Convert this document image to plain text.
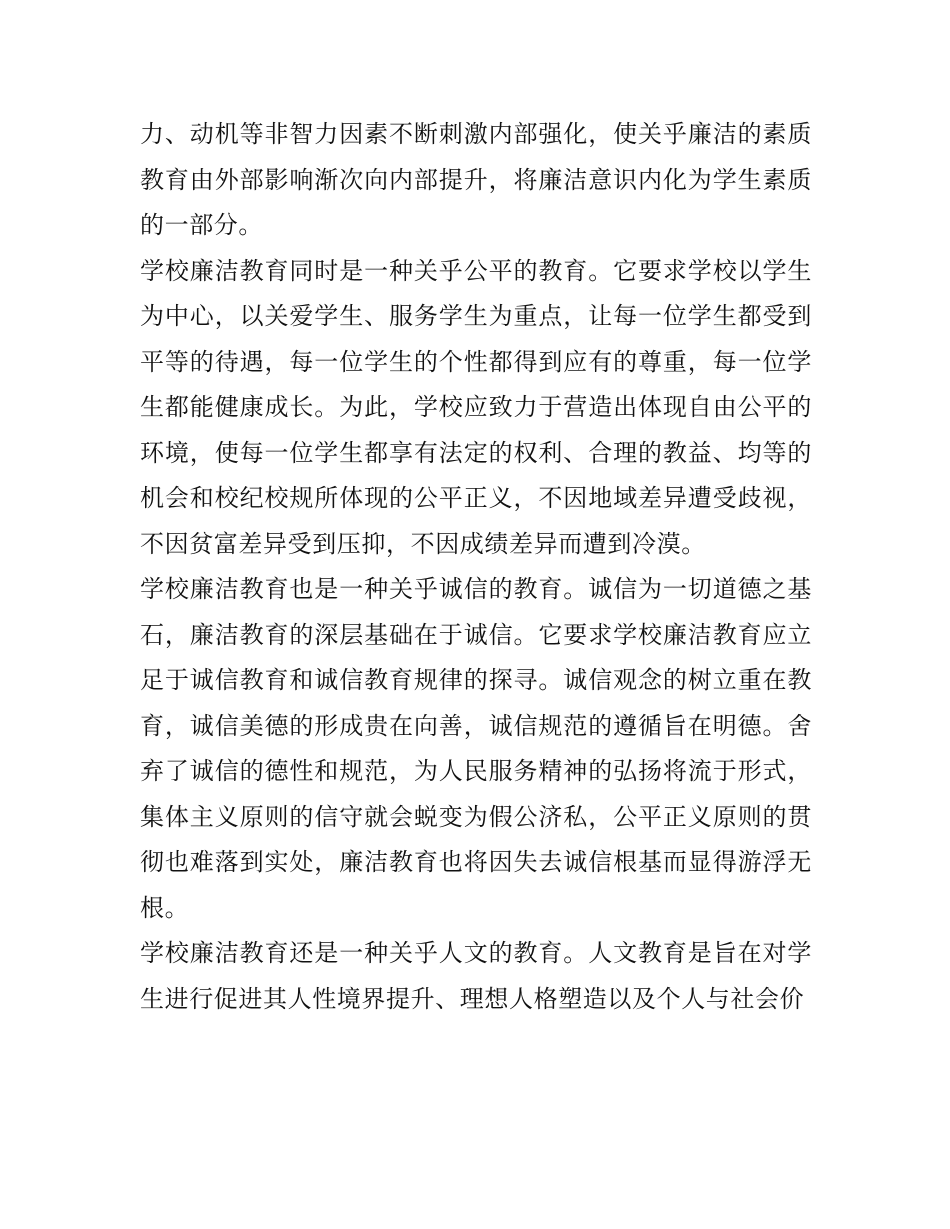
力、动机等非智力因素不断刺激内部强化，使关乎廉洁的素质教育由外部影响渐次向内部提升，将廉洁意识内化为学生素质的一部分。

学校廉洁教育同时是一种关乎公平的教育。它要求学校以学生为中心，以关爱学生、服务学生为重点，让每一位学生都受到平等的待遇，每一位学生的个性都得到应有的尊重，每一位学生都能健康成长。为此，学校应致力于营造出体现自由公平的环境，使每一位学生都享有法定的权利、合理的教益、均等的机会和校纪校规所体现的公平正义，不因地域差异遭受歧视，不因贫富差异受到压抑，不因成绩差异而遭到冷漠。

学校廉洁教育也是一种关乎诚信的教育。诚信为一切道德之基石，廉洁教育的深层基础在于诚信。它要求学校廉洁教育应立足于诚信教育和诚信教育规律的探寻。诚信观念的树立重在教育，诚信美德的形成贵在向善，诚信规范的遵循旨在明德。舍弃了诚信的德性和规范，为人民服务精神的弘扬将流于形式，集体主义原则的信守就会蜕变为假公济私，公平正义原则的贯彻也难落到实处，廉洁教育也将因失去诚信根基而显得游浮无根。

学校廉洁教育还是一种关乎人文的教育。人文教育是旨在对学生进行促进其人性境界提升、理想人格塑造以及个人与社会价
